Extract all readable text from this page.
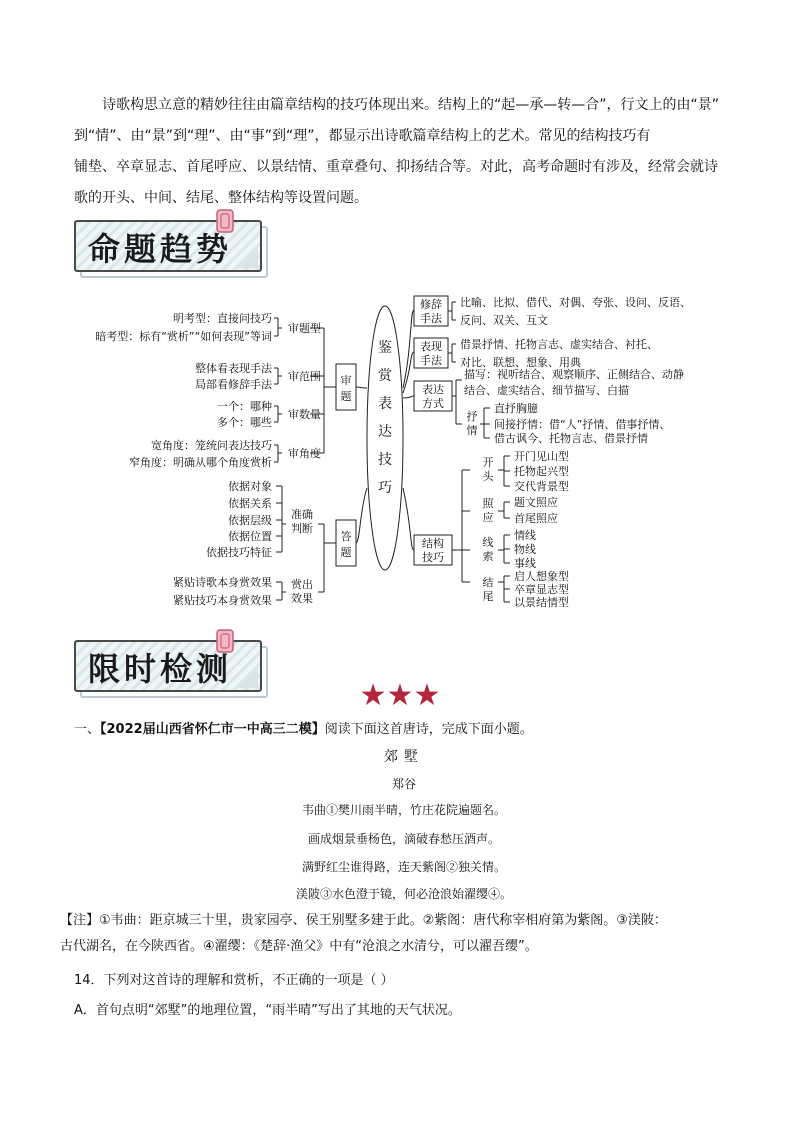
诗歌构思立意的精妙往往由篇章结构的技巧体现出来。结构上的“起—承—转—合”，行文上的由“景”

到“情”、由“景”到“理”、由“事”到“理”，都显示出诗歌篇章结构上的艺术。常见的结构技巧有
铺垫、卒章显志、首尾呼应、以景结情、重章叠句、抑扬结合等。对此，高考命题时有涉及，经常会就诗
歌的开头、中间、结尾、整体结构等设置问题。
命题趋势
鉴
赏
表
达
技
巧
审
题
答
题
审题型
明考型：直接问技巧
暗考型：标有“赏析”“如何表现”等词
审范围
整体看表现手法
局部看修辞手法
审数量
一个：哪种
多个：哪些
审角度
宽角度：笼统问表达技巧
窄角度：明确从哪个角度赏析
准确
判断
依据对象
依据关系
依据层级
依据位置
依据技巧特征
赏出
效果
紧贴诗歌本身赏效果
紧贴技巧本身赏效果
修辞
手法
比喻、比拟、借代、对偶、夸张、设问、反语、
反问、双关、互文
表现
手法
借景抒情、托物言志、虚实结合、衬托、
对比、联想、想象、用典
表达
方式
描写：视听结合、观察顺序、正侧结合、动静
结合、虚实结合、细节描写、白描
抒
情
直抒胸臆
间接抒情：借“人”抒情、借事抒情、
借古讽今、托物言志、借景抒情
结构
技巧
开
头
开门见山型
托物起兴型
交代背景型
照
应
题文照应
首尾照应
线
索
情线
物线
事线
结
尾
启人想象型
卒章显志型
以景结情型
限时检测
★★★
一、【2022届山西省怀仁市一中高三二模】阅读下面这首唐诗，完成下面小题。
郊墅
郑谷
韦曲①樊川雨半晴，竹庄花院遍题名。
画成烟景垂杨色，滴破春愁压酒声。
满野红尘谁得路，连天紫阁②独关情。
渼陂③水色澄于镜，何必沧浪始濯缨④。
【注】①韦曲：距京城三十里，贵家园亭、侯王别墅多建于此。②紫阁：唐代称宰相府第为紫阁。③渼陂：
古代湖名，在今陕西省。④濯缨：《楚辞·渔父》中有“沧浪之水清兮，可以濯吾缨”。
14．下列对这首诗的理解和赏析，不正确的一项是（ ）
A．首句点明“郊墅”的地理位置，“雨半晴”写出了其地的天气状况。
